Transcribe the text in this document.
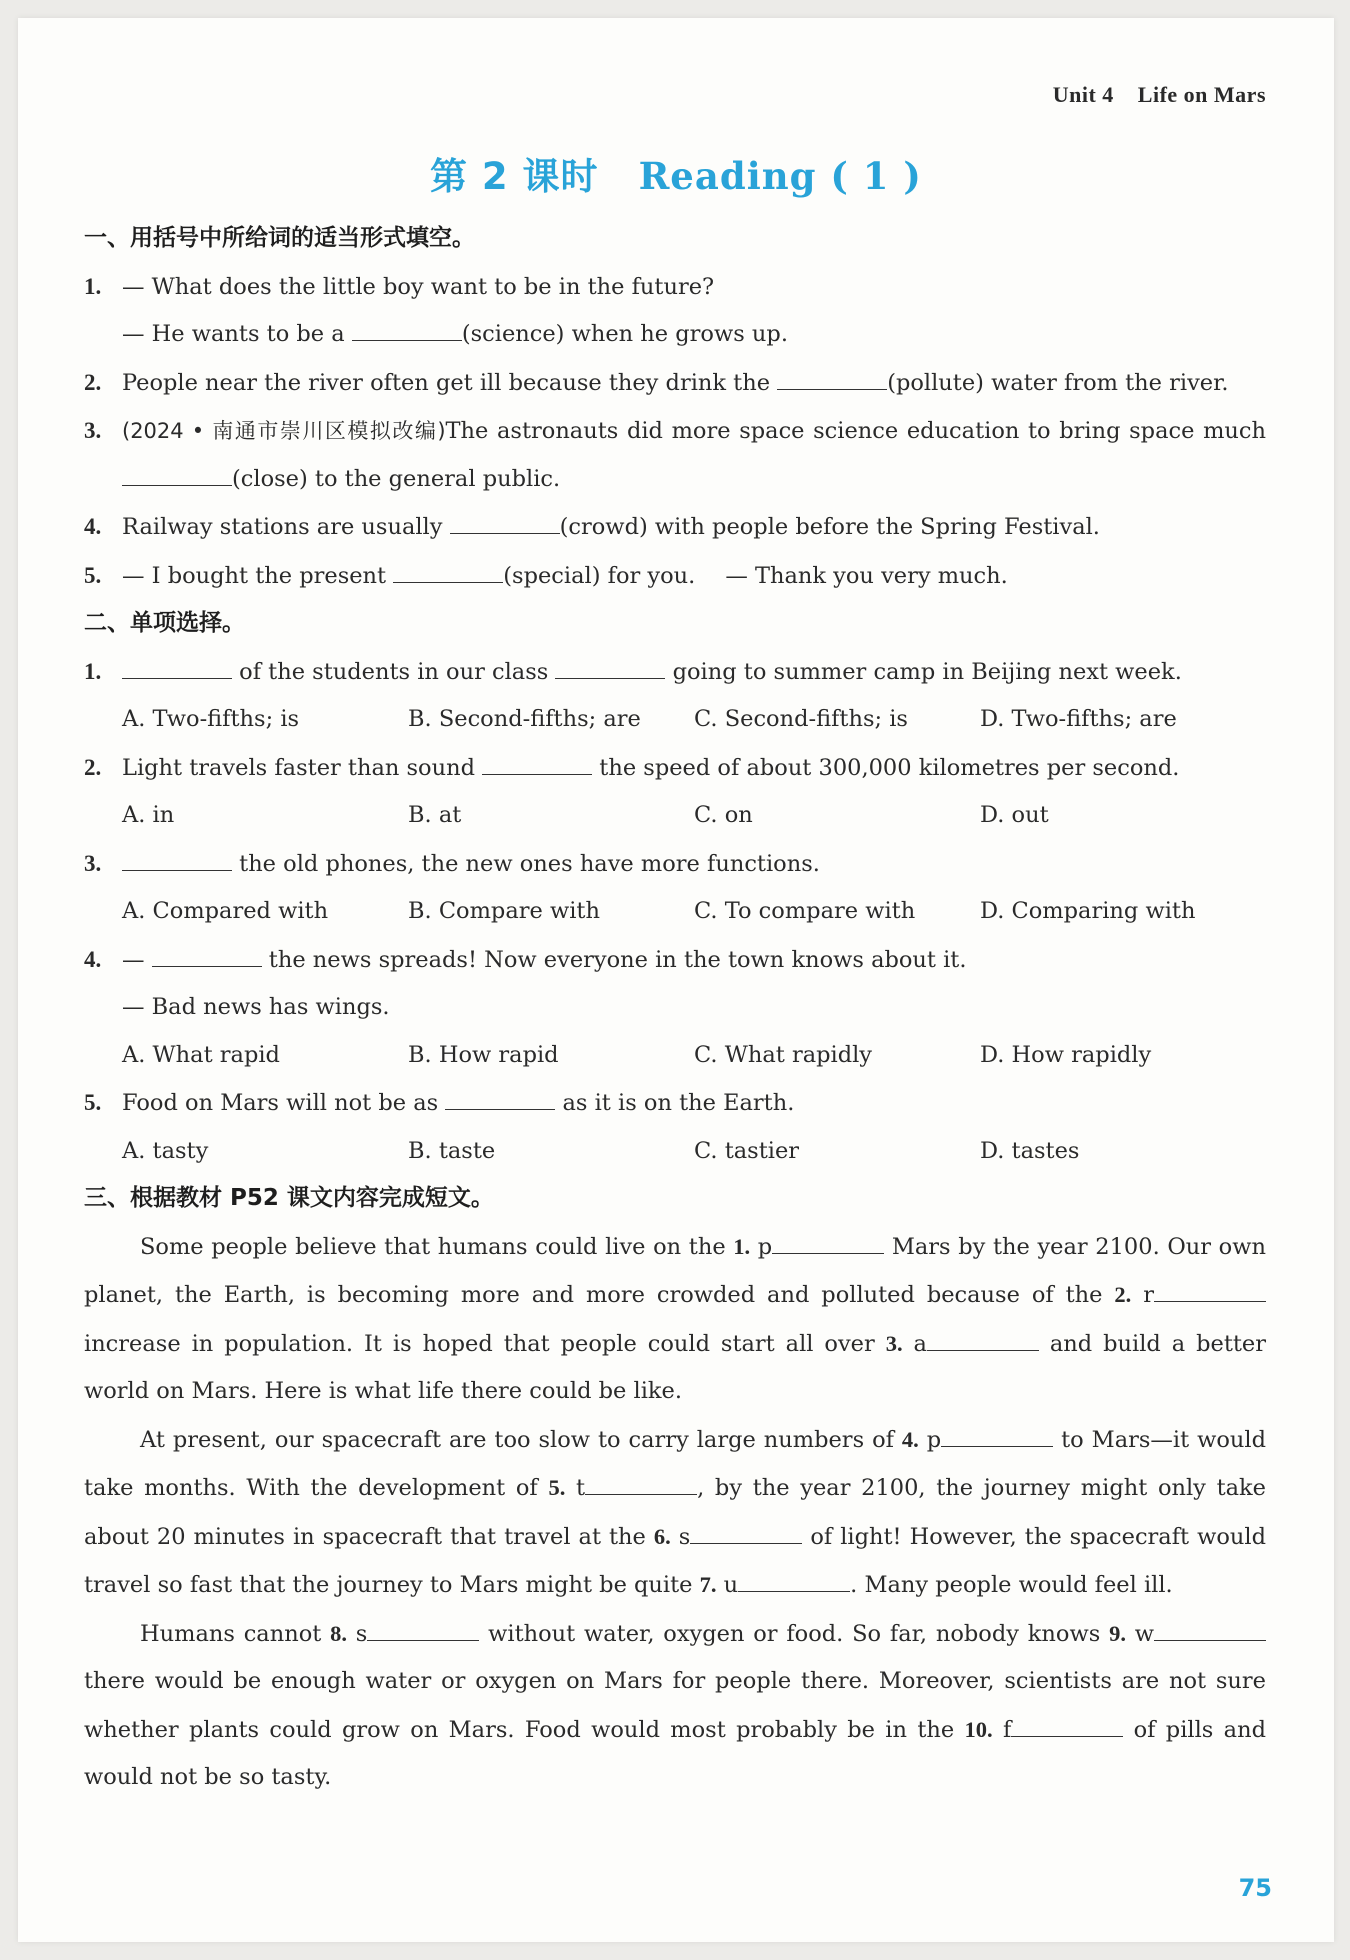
Unit 4 Life on Mars
第 2 课时 Reading ( 1 )
一、用括号中所给词的适当形式填空。
1. — What does the little boy want to be in the future?
— He wants to be a	(science) when he grows up.
2. People near the river often get ill because they drink the	(pollute) water from the river.
3. (2024 • 南通市崇川区模拟改编)The astronauts did more space science education to bring space much (close) to the general public.
4. Railway stations are usually	(crowd) with people before the Spring Festival.
5. — I bought the present	(special) for you. — Thank you very much.
二、单项选择。
1.	of the students in our class	going to summer camp in Beijing next week.
A. Two-fifths; is	B. Second-fifths; are	C. Second-fifths; is	D. Two-fifths; are
2. Light travels faster than sound	the speed of about 300,000 kilometres per second.
A. in	B. at	C. on	D. out
3.	the old phones, the new ones have more functions.
A. Compared with	B. Compare with	C. To compare with	D. Comparing with
4. —	the news spreads! Now everyone in the town knows about it.
— Bad news has wings.
A. What rapid	B. How rapid	C. What rapidly	D. How rapidly
5. Food on Mars will not be as	as it is on the Earth.
A. tasty	B. taste	C. tastier	D. tastes
三、根据教材 P52 课文内容完成短文。
Some people believe that humans could live on the 1. p	Mars by the year 2100. Our own planet, the Earth, is becoming more and more crowded and polluted because of the 2. r increase in population. It is hoped that people could start all over 3. a	and build a better world on Mars. Here is what life there could be like.
At present, our spacecraft are too slow to carry large numbers of 4. p	to Mars—it would take months. With the development of 5. t	, by the year 2100, the journey might only take about 20 minutes in spacecraft that travel at the 6. s	of light! However, the spacecraft would travel so fast that the journey to Mars might be quite 7. u	. Many people would feel ill.
Humans cannot 8. s	without water, oxygen or food. So far, nobody knows 9. w there would be enough water or oxygen on Mars for people there. Moreover, scientists are not sure whether plants could grow on Mars. Food would most probably be in the 10. f	of pills and would not be so tasty.
75
